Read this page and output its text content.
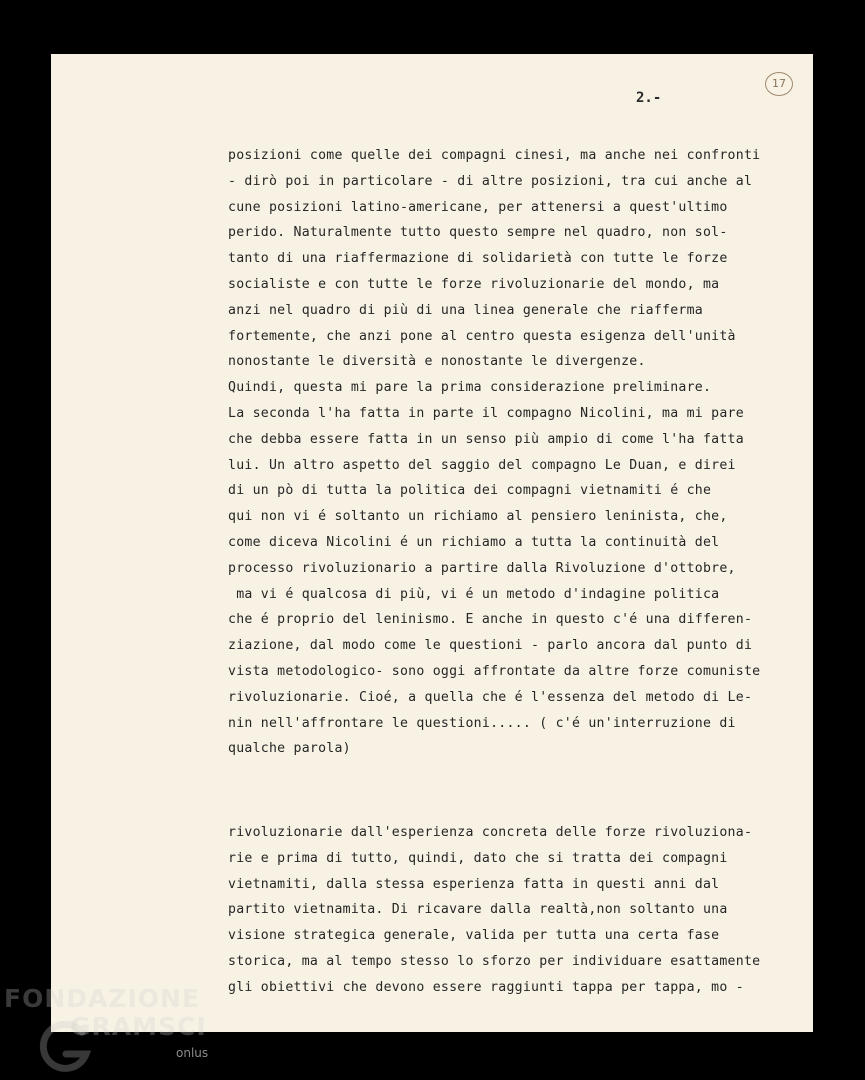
17
2.-
posizioni come quelle dei compagni cinesi, ma anche nei confronti
- dirò poi in particolare - di altre posizioni, tra cui anche al
cune posizioni latino-americane, per attenersi a quest'ultimo
perido. Naturalmente tutto questo sempre nel quadro, non sol-
tanto di una riaffermazione di solidarietà con tutte le forze
socialiste e con tutte le forze rivoluzionarie del mondo, ma
anzi nel quadro di più di una linea generale che riafferma
fortemente, che anzi pone al centro questa esigenza dell'unità
nonostante le diversità e nonostante le divergenze.
Quindi, questa mi pare la prima considerazione preliminare.
La seconda l'ha fatta in parte il compagno Nicolini, ma mi pare
che debba essere fatta in un senso più ampio di come l'ha fatta
lui. Un altro aspetto del saggio del compagno Le Duan, e direi
di un pò di tutta la politica dei compagni vietnamiti é che
qui non vi é soltanto un richiamo al pensiero leninista, che,
come diceva Nicolini é un richiamo a tutta la continuità del
processo rivoluzionario a partire dalla Rivoluzione d'ottobre,
ma vi é qualcosa di più, vi é un metodo d'indagine politica
che é proprio del leninismo. E anche in questo c'é una differen-
ziazione, dal modo come le questioni - parlo ancora dal punto di
vista metodologico- sono oggi affrontate da altre forze comuniste
rivoluzionarie. Cioé, a quella che é l'essenza del metodo di Le-
nin nell'affrontare le questioni..... ( c'é un'interruzione di
qualche parola)
rivoluzionarie dall'esperienza concreta delle forze rivoluziona-
rie e prima di tutto, quindi, dato che si tratta dei compagni
vietnamiti, dalla stessa esperienza fatta in questi anni dal
partito vietnamita. Di ricavare dalla realtà,non soltanto una
visione strategica generale, valida per tutta una certa fase
storica, ma al tempo stesso lo sforzo per individuare esattamente
gli obiettivi che devono essere raggiunti tappa per tappa, mo -
FONDAZIONE
GRAMSCI
onlus
